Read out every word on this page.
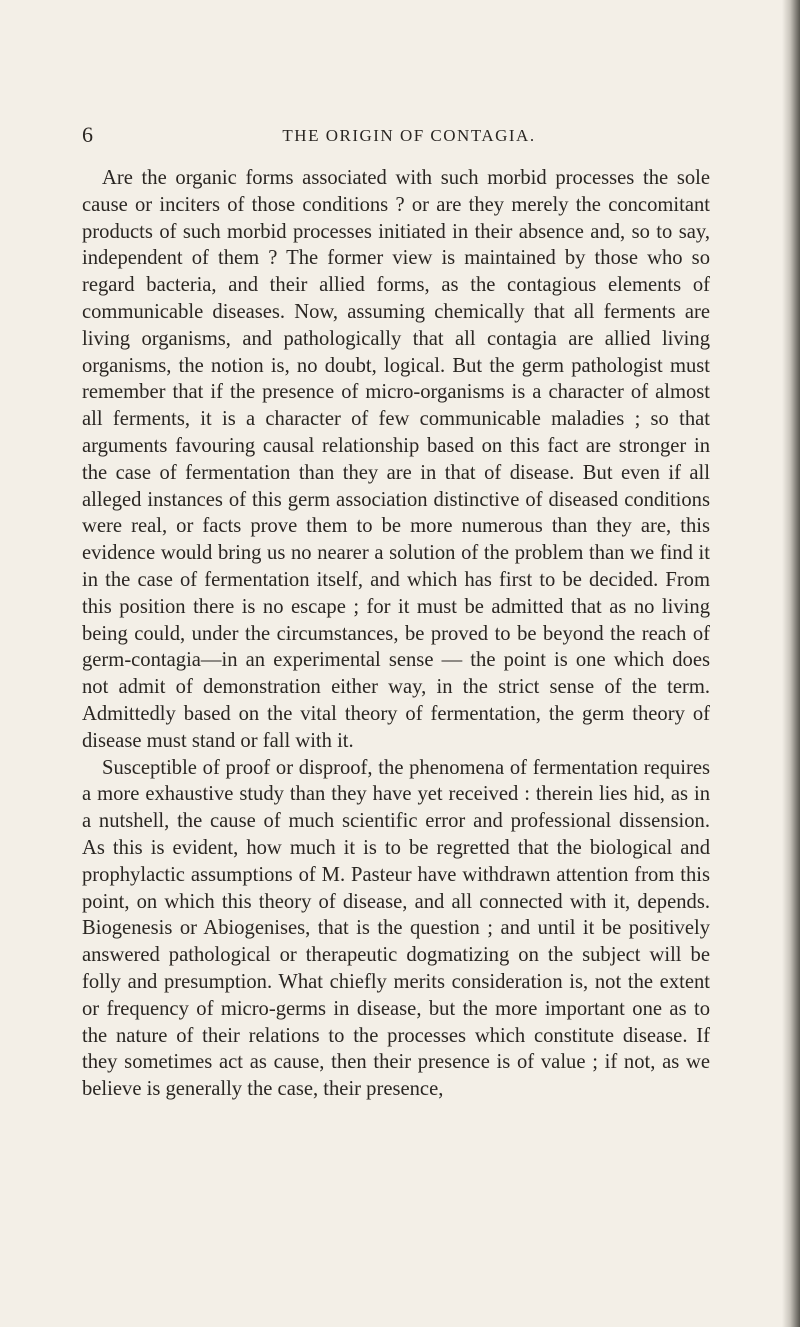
6	THE ORIGIN OF CONTAGIA.

Are the organic forms associated with such morbid processes the sole cause or inciters of those conditions ? or are they merely the concomitant products of such morbid processes initiated in their absence and, so to say, independent of them ? The former view is maintained by those who so regard bacteria, and their allied forms, as the contagious elements of communicable diseases. Now, assuming chemically that all ferments are living organisms, and pathologically that all contagia are allied living organisms, the notion is, no doubt, logical. But the germ pathologist must remember that if the presence of micro-organisms is a character of almost all ferments, it is a character of few communicable maladies ; so that arguments favouring causal relationship based on this fact are stronger in the case of fermentation than they are in that of disease. But even if all alleged instances of this germ association distinctive of diseased conditions were real, or facts prove them to be more numerous than they are, this evidence would bring us no nearer a solution of the problem than we find it in the case of fermentation itself, and which has first to be decided. From this position there is no escape ; for it must be admitted that as no living being could, under the circumstances, be proved to be beyond the reach of germ-contagia—in an experimental sense — the point is one which does not admit of demonstration either way, in the strict sense of the term. Admittedly based on the vital theory of fermentation, the germ theory of disease must stand or fall with it.

Susceptible of proof or disproof, the phenomena of fermentation requires a more exhaustive study than they have yet received : therein lies hid, as in a nutshell, the cause of much scientific error and professional dissension. As this is evident, how much it is to be regretted that the biological and prophylactic assumptions of M. Pasteur have withdrawn attention from this point, on which this theory of disease, and all connected with it, depends. Biogenesis or Abiogenises, that is the question ; and until it be positively answered pathological or therapeutic dogmatizing on the subject will be folly and presumption. What chiefly merits consideration is, not the extent or frequency of micro-germs in disease, but the more important one as to the nature of their relations to the processes which constitute disease. If they sometimes act as cause, then their presence is of value ; if not, as we believe is generally the case, their presence,
